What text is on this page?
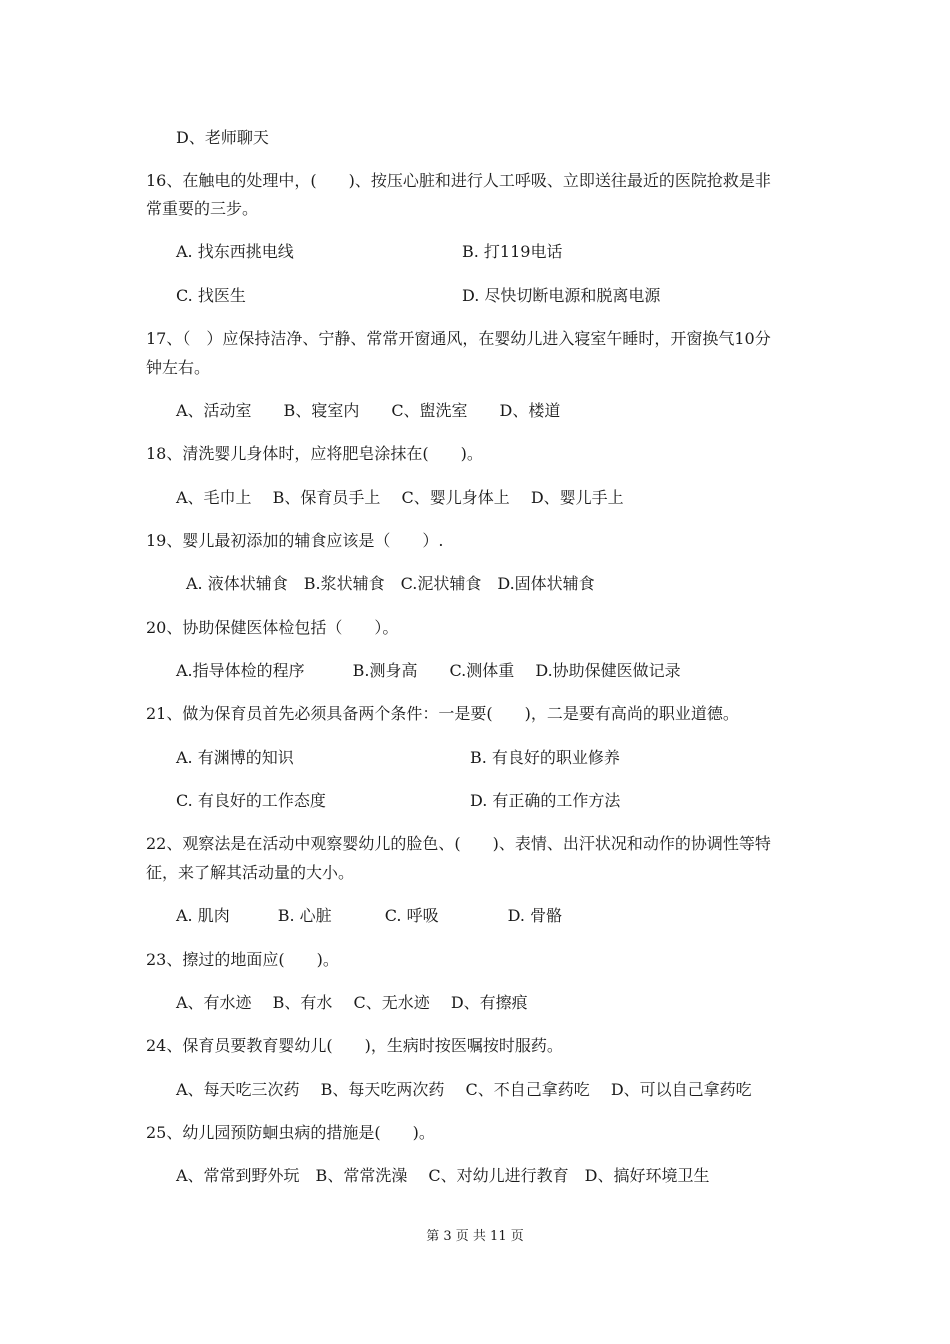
D、老师聊天
16、在触电的处理中，(　　)、按压心脏和进行人工呼吸、立即送往最近的医院抢救是非
常重要的三步。
A. 找东西挑电线	B. 打119电话
C. 找医生	D. 尽快切断电源和脱离电源
17、（　）应保持洁净、宁静、常常开窗通风，在婴幼儿进入寝室午睡时，开窗换气10分
钟左右。
A、活动室　　B、寝室内　　C、盥洗室　　D、楼道
18、清洗婴儿身体时，应将肥皂涂抹在(　　)。
A、毛巾上　 B、保育员手上　 C、婴儿身体上　 D、婴儿手上
19、婴儿最初添加的辅食应该是（　　）.
A. 液体状辅食　B.浆状辅食　C.泥状辅食　D.固体状辅食
20、协助保健医体检包括（　　）。
A.指导体检的程序　　　B.测身高　　C.测体重　 D.协助保健医做记录
21、做为保育员首先必须具备两个条件：一是要(　　)，二是要有高尚的职业道德。
A. 有渊博的知识	B. 有良好的职业修养
C. 有良好的工作态度	D. 有正确的工作方法
22、观察法是在活动中观察婴幼儿的脸色、(　　)、表情、出汗状况和动作的协调性等特
征，来了解其活动量的大小。
A. 肌肉　　　B. 心脏　　　 C. 呼吸　　　　 D. 骨骼
23、擦过的地面应(　　)。
A、有水迹　 B、有水　 C、无水迹　 D、有擦痕
24、保育员要教育婴幼儿(　　)，生病时按医嘱按时服药。
A、每天吃三次药　 B、每天吃两次药　 C、不自己拿药吃　 D、可以自己拿药吃
25、幼儿园预防蛔虫病的措施是(　　)。
A、常常到野外玩　B、常常洗澡　 C、对幼儿进行教育　D、搞好环境卫生
第 3 页 共 11 页
